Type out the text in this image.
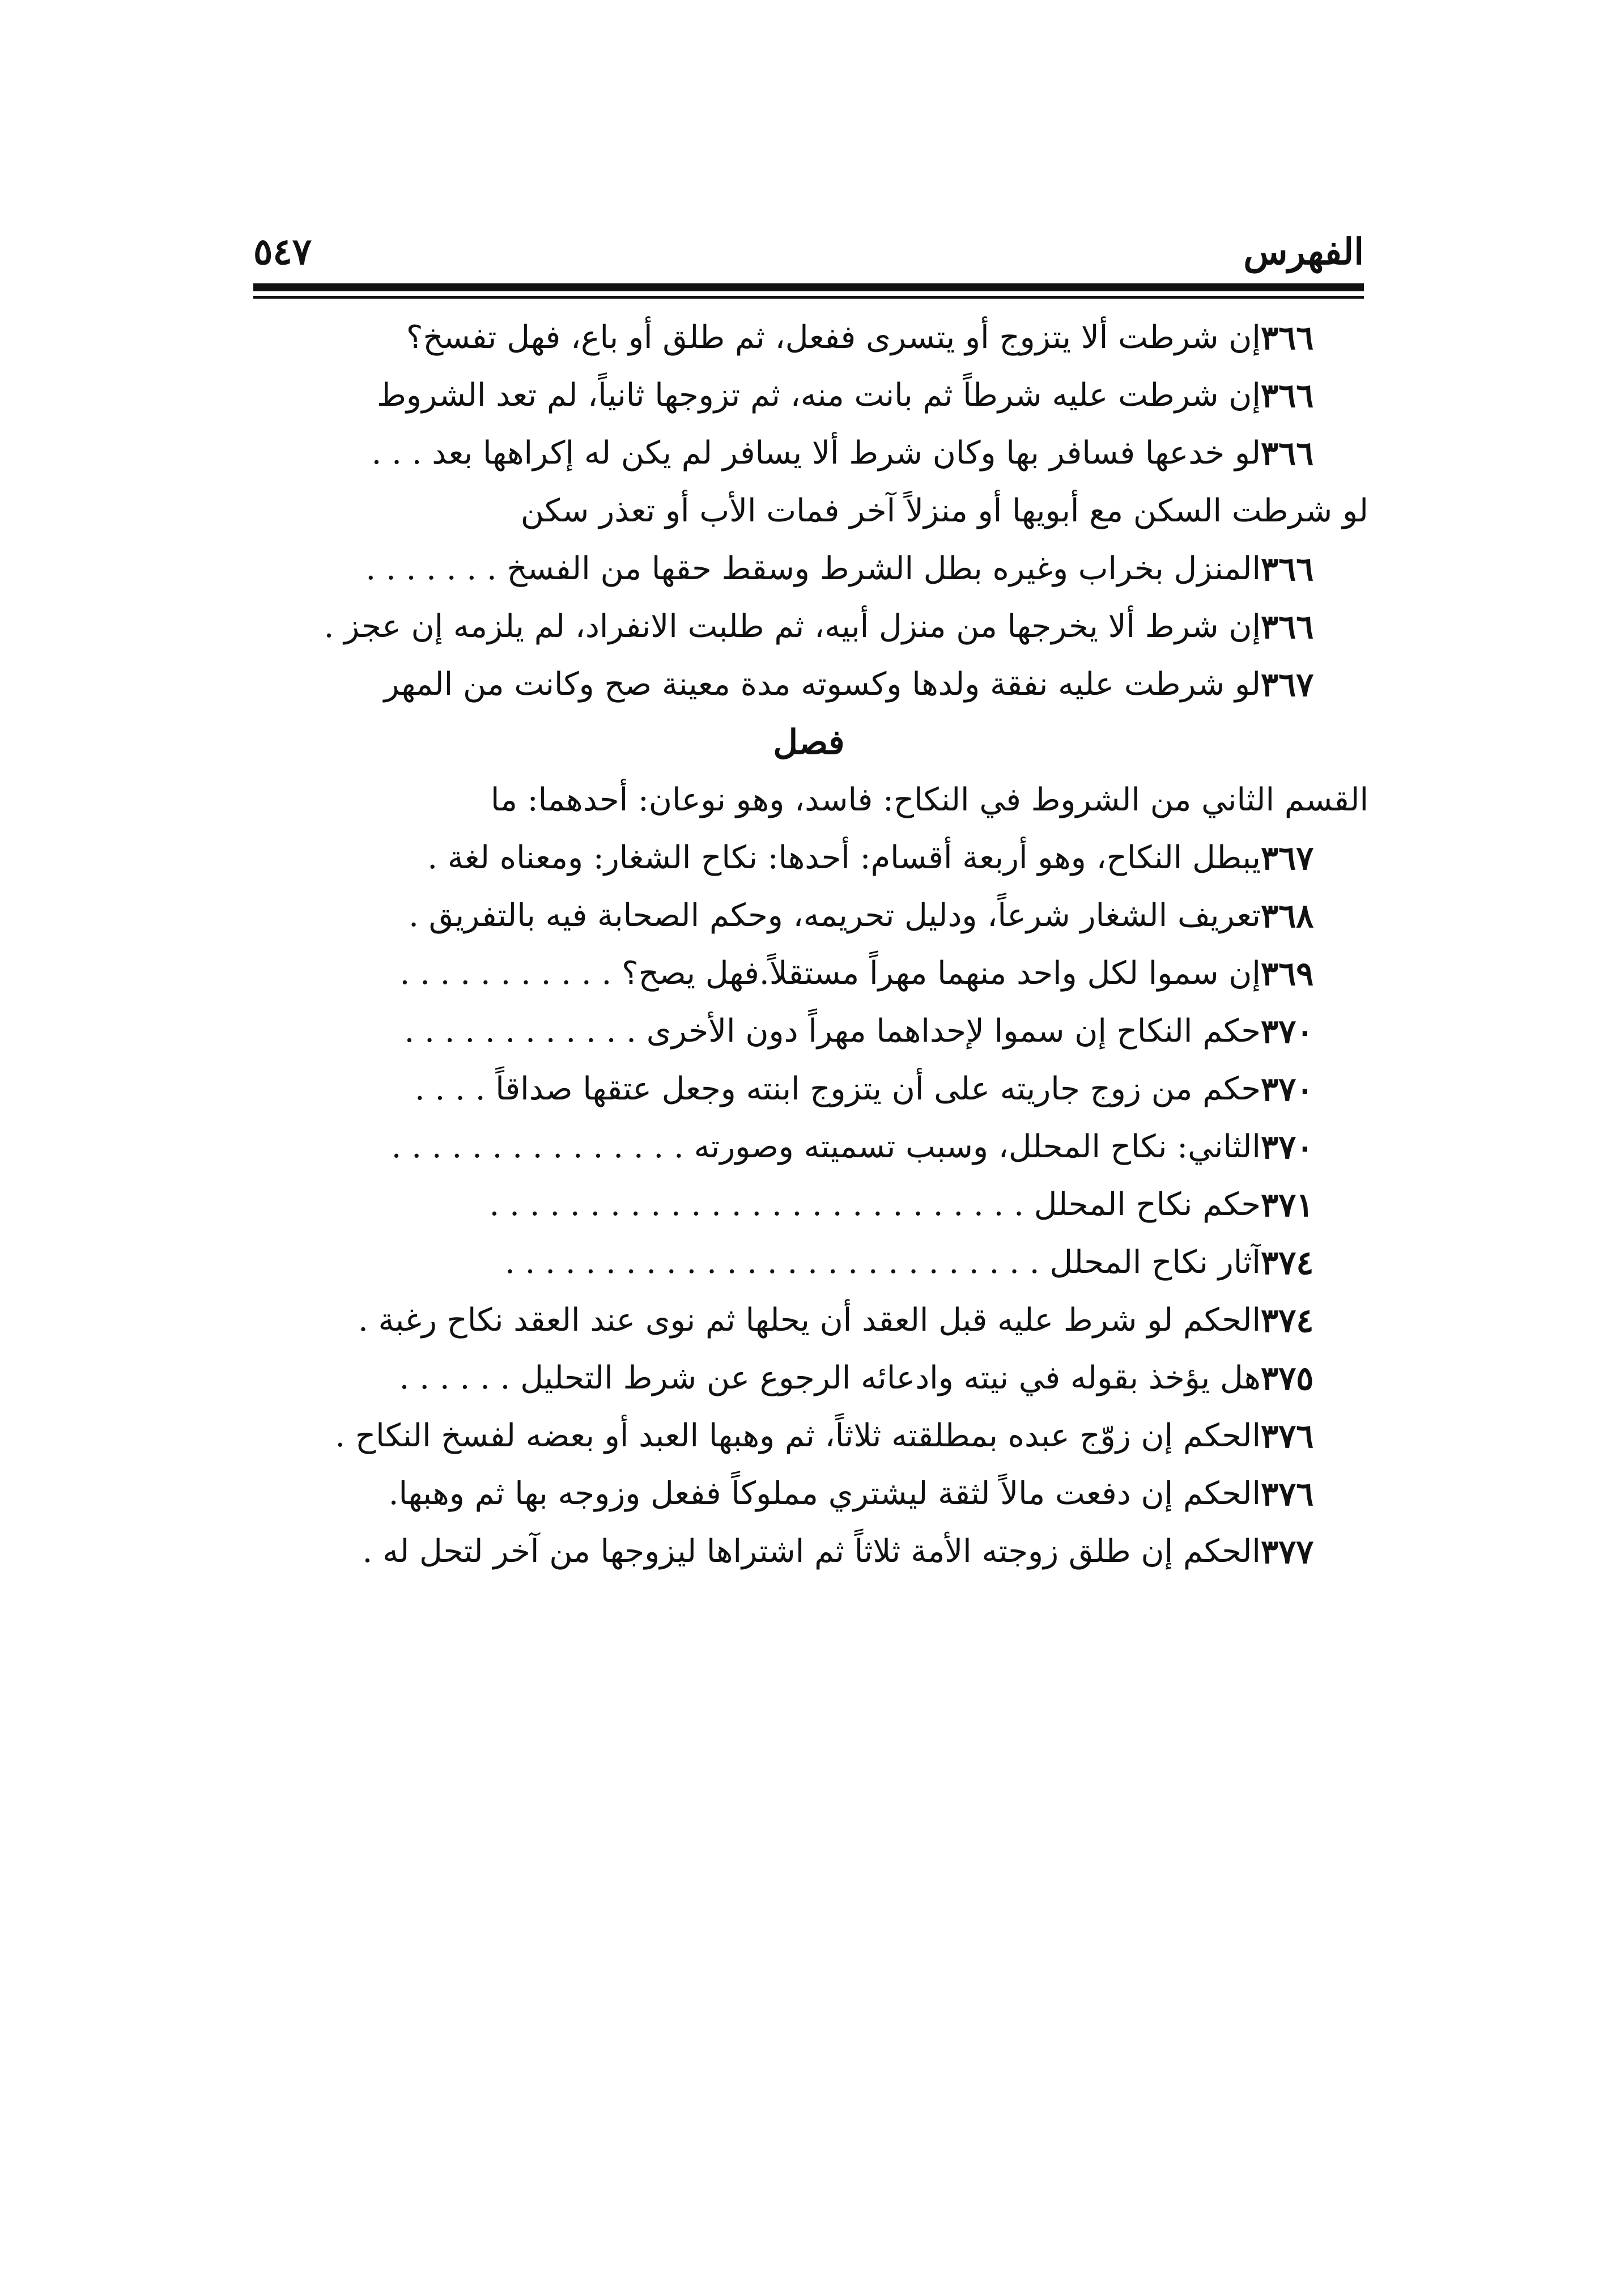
الفهرس
٥٤٧
إن شرطت ألا يتزوج أو يتسرى ففعل، ثم طلق أو باع، فهل تفسخ؟ ٣٦٦
إن شرطت عليه شرطاً ثم بانت منه، ثم تزوجها ثانياً، لم تعد الشروط ٣٦٦
لو خدعها فسافر بها وكان شرط ألا يسافر لم يكن له إكراهها بعد . . . ٣٦٦
لو شرطت السكن مع أبويها أو منزلاً آخر فمات الأب أو تعذر سكن
المنزل بخراب وغيره بطل الشرط وسقط حقها من الفسخ . . . . . . . ٣٦٦
إن شرط ألا يخرجها من منزل أبيه، ثم طلبت الانفراد، لم يلزمه إن عجز . ٣٦٦
لو شرطت عليه نفقة ولدها وكسوته مدة معينة صح وكانت من المهر ٣٦٧
فصل
القسم الثاني من الشروط في النكاح: فاسد، وهو نوعان: أحدهما: ما
يبطل النكاح، وهو أربعة أقسام: أحدها: نكاح الشغار: ومعناه لغة . ٣٦٧
تعريف الشغار شرعاً، ودليل تحريمه، وحكم الصحابة فيه بالتفريق . ٣٦٨
إن سموا لكل واحد منهما مهراً مستقلاً.فهل يصح؟ . . . . . . . . . . . ٣٦٩
حكم النكاح إن سموا لإحداهما مهراً دون الأخرى . . . . . . . . . . . . ٣٧٠
حكم من زوج جاريته على أن يتزوج ابنته وجعل عتقها صداقاً . . . . ٣٧٠
الثاني: نكاح المحلل، وسبب تسميته وصورته . . . . . . . . . . . . . . . ٣٧٠
حكم نكاح المحلل . . . . . . . . . . . . . . . . . . . . . . . . . . . ٣٧١
آثار نكاح المحلل . . . . . . . . . . . . . . . . . . . . . . . . . . . ٣٧٤
الحكم لو شرط عليه قبل العقد أن يحلها ثم نوى عند العقد نكاح رغبة . ٣٧٤
هل يؤخذ بقوله في نيته وادعائه الرجوع عن شرط التحليل . . . . . . ٣٧٥
الحكم إن زوّج عبده بمطلقته ثلاثاً، ثم وهبها العبد أو بعضه لفسخ النكاح . ٣٧٦
الحكم إن دفعت مالاً لثقة ليشتري مملوكاً ففعل وزوجه بها ثم وهبها. ٣٧٦
الحكم إن طلق زوجته الأمة ثلاثاً ثم اشتراها ليزوجها من آخر لتحل له . ٣٧٧
